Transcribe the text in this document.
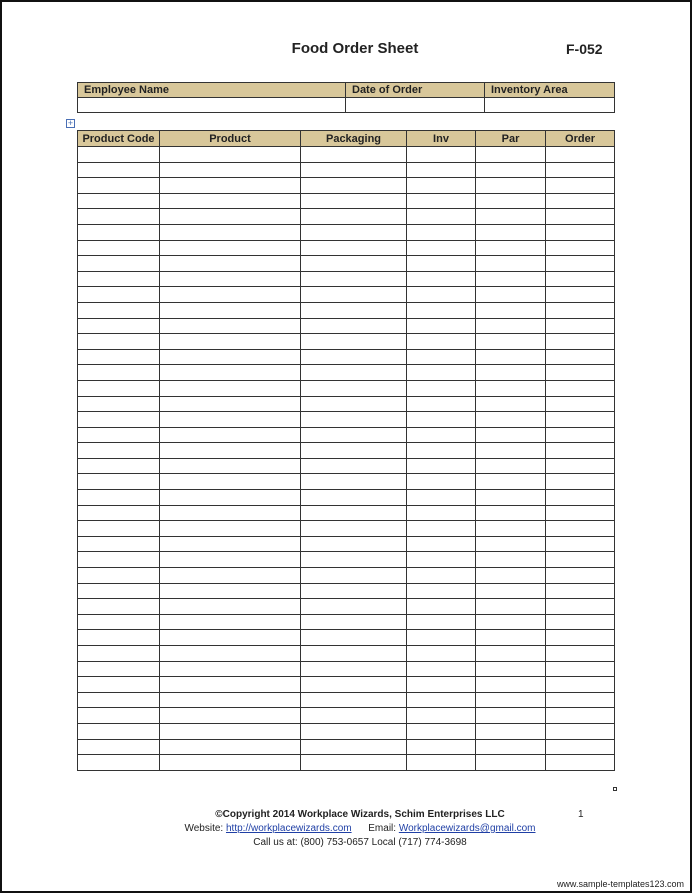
Food Order Sheet	F-052
Employee Name	Date of Order	Inventory Area

+
Product Code	Product	Packaging	Inv	Par	Order

©Copyright 2014 Workplace Wizards, Schim Enterprises LLC
Website: http://workplacewizards.com Email: Workplacewizards@gmail.com
Call us at: (800) 753-0657 Local (717) 774-3698
1
www.sample-templates123.com
